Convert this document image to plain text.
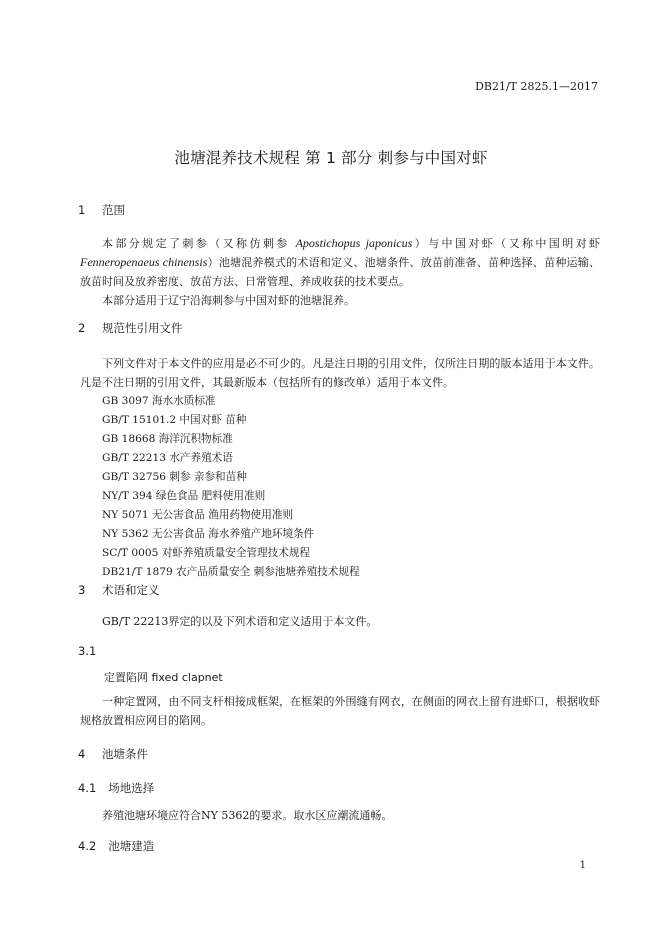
DB21/T 2825.1—2017
池塘混养技术规程 第 1 部分 刺参与中国对虾
1 范围

本部分规定了刺参（又称仿刺参 Apostichopus japonicus）与中国对虾（又称中国明对虾Fenneropenaeus chinensis）池塘混养模式的术语和定义、池塘条件、放苗前准备、苗种选择、苗种运输、放苗时间及放养密度、放苗方法、日常管理、养成收获的技术要点。

本部分适用于辽宁沿海刺参与中国对虾的池塘混养。

2 规范性引用文件

下列文件对于本文件的应用是必不可少的。凡是注日期的引用文件，仅所注日期的版本适用于本文件。凡是不注日期的引用文件，其最新版本（包括所有的修改单）适用于本文件。

GB 3097 海水水质标准
GB/T 15101.2 中国对虾 苗种
GB 18668 海洋沉积物标准
GB/T 22213 水产养殖术语
GB/T 32756 刺参 亲参和苗种
NY/T 394 绿色食品 肥料使用准则
NY 5071 无公害食品 渔用药物使用准则
NY 5362 无公害食品 海水养殖产地环境条件
SC/T 0005 对虾养殖质量安全管理技术规程
DB21/T 1879 农产品质量安全 刺参池塘养殖技术规程
3 术语和定义

GB/T 22213界定的以及下列术语和定义适用于本文件。

3.1
定置陷网 fixed clapnet

一种定置网，由不同支杆相接成框架，在框架的外围缝有网衣，在侧面的网衣上留有进虾口，根据收虾规格放置相应网目的陷网。

4 池塘条件
4.1 场地选择

养殖池塘环境应符合NY 5362的要求。取水区应潮流通畅。

4.2 池塘建造
1
